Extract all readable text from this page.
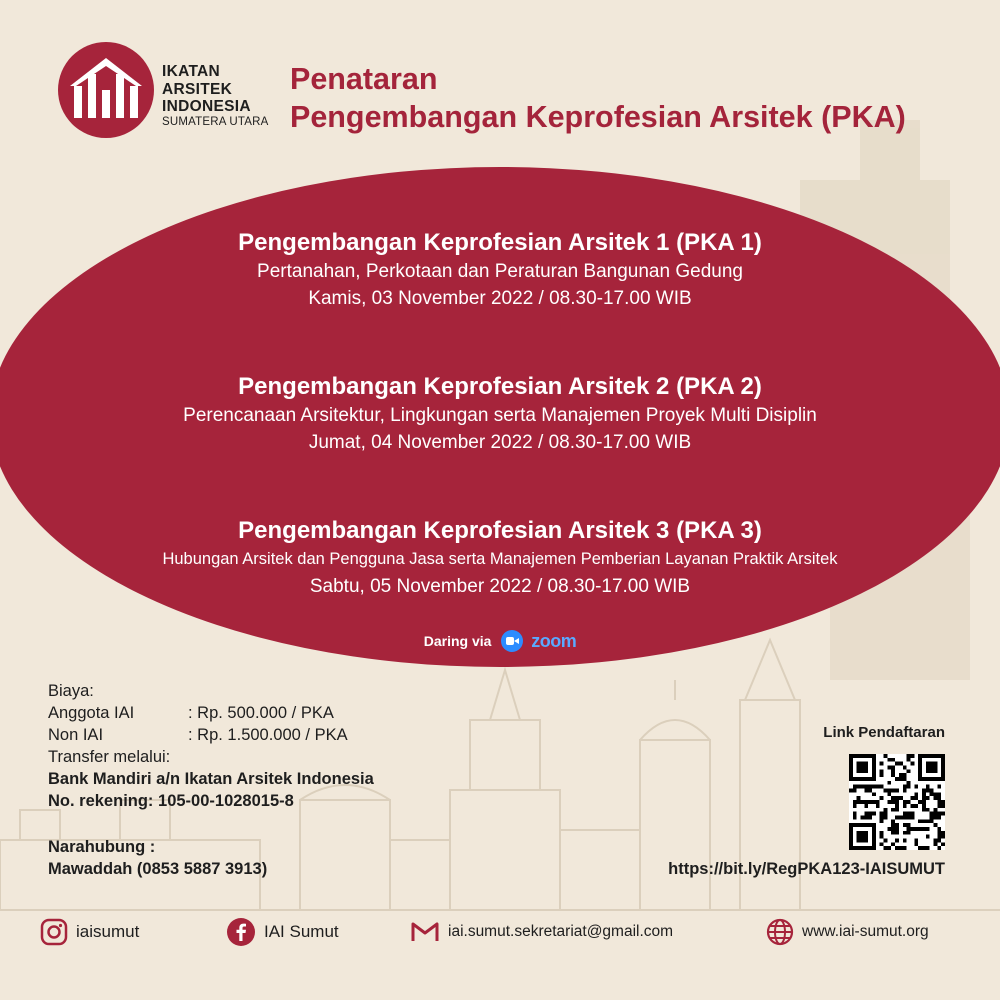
IKATAN
ARSITEK
INDONESIA
SUMATERA UTARA
Penataran
Pengembangan Keprofesian Arsitek (PKA)
Pengembangan Keprofesian Arsitek 1 (PKA 1)
Pertanahan, Perkotaan dan Peraturan Bangunan Gedung
Kamis, 03 November 2022 / 08.30-17.00 WIB
Pengembangan Keprofesian Arsitek 2 (PKA 2)
Perencanaan Arsitektur, Lingkungan serta Manajemen Proyek Multi Disiplin
Jumat, 04 November 2022 / 08.30-17.00 WIB
Pengembangan Keprofesian Arsitek 3 (PKA 3)
Hubungan Arsitek dan Pengguna Jasa serta Manajemen Pemberian Layanan Praktik Arsitek
Sabtu, 05 November 2022 / 08.30-17.00 WIB
Daring via zoom
Biaya:
Anggota IAI	: Rp. 500.000 / PKA
Non IAI	: Rp. 1.500.000 / PKA
Transfer melalui:
Bank Mandiri a/n Ikatan Arsitek Indonesia
No. rekening: 105-00-1028015-8
Narahubung :
Mawaddah (0853 5887 3913)
Link Pendaftaran
https://bit.ly/RegPKA123-IAISUMUT
iaisumut	IAI Sumut	iai.sumut.sekretariat@gmail.com	www.iai-sumut.org
